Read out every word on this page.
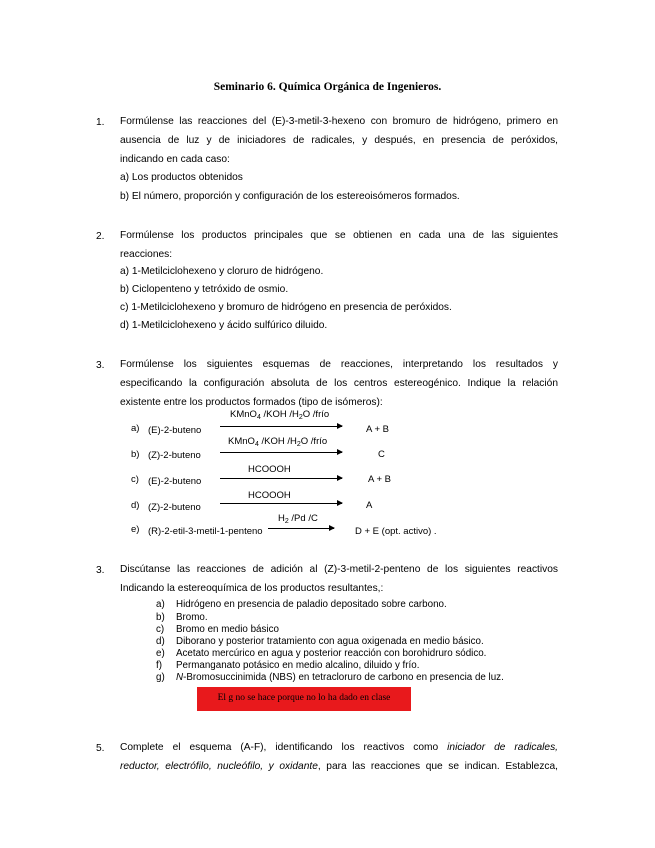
Seminario 6. Química Orgánica de Ingenieros.
1. Formúlense las reacciones del (E)-3-metil-3-hexeno con bromuro de hidrógeno, primero en
ausencia de luz y de iniciadores de radicales, y después, en presencia de peróxidos,
indicando en cada caso:
a) Los productos obtenidos
b) El número, proporción y configuración de los estereoisómeros formados.
2. Formúlense los productos principales que se obtienen en cada una de las siguientes
reacciones:
a) 1-Metilciclohexeno y cloruro de hidrógeno.
b) Ciclopenteno y tetróxido de osmio.
c) 1-Metilciclohexeno y bromuro de hidrógeno en presencia de peróxidos.
d) 1-Metilciclohexeno y ácido sulfúrico diluido.
3. Formúlense los siguientes esquemas de reacciones, interpretando los resultados y
especificando la configuración absoluta de los centros estereogénico. Indique la relación
existente entre los productos formados (tipo de isómeros):
a) (E)-2-buteno
KMnO$_4$ /KOH $/H_2O$ /frío
A + B
b) (Z)-2-buteno
KMnO$_4$ /KOH $/H_2O$ /frío
C
c) (E)-2-buteno
HCOOOH
A + B
d) (Z)-2-buteno
HCOOOH
A
e) (R)-2-etil-3-metil-1-penteno
$H_2$ /Pd /C
D + E (opt. activo) .
3. Discútanse las reacciones de adición al (Z)-3-metil-2-penteno de los siguientes reactivos
Indicando la estereoquímica de los productos resultantes,:
a) Hidrógeno en presencia de paladio depositado sobre carbono.
b) Bromo.
c) Bromo en medio básico
d) Diborano y posterior tratamiento con agua oxigenada en medio básico.
e) Acetato mercúrico en agua y posterior reacción con borohidruro sódico.
f) Permanganato potásico en medio alcalino, diluido y frío.
g) N-Bromosuccinimida (NBS) en tetracloruro de carbono en presencia de luz.
El g no se hace porque no lo ha dado en clase
5. Complete el esquema (A-F), identificando los reactivos como iniciador de radicales,
reductor, electrófilo, nucleófilo, y oxidante, para las reacciones que se indican. Establezca,
